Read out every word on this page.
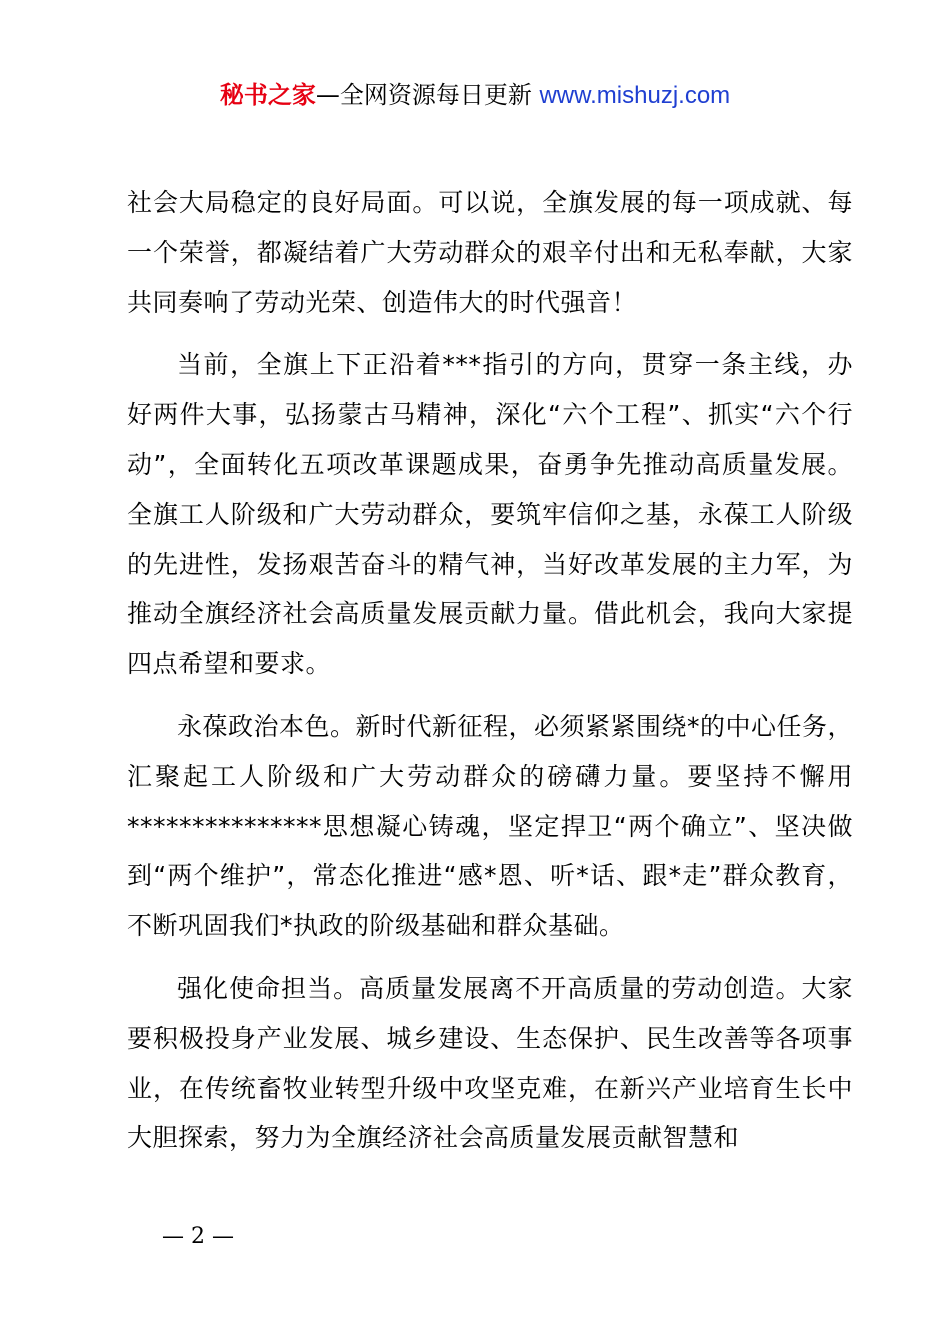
秘书之家—全网资源每日更新 www.mishuzj.com

社会大局稳定的良好局面。可以说，全旗发展的每一项成就、每一个荣誉，都凝结着广大劳动群众的艰辛付出和无私奉献，大家共同奏响了劳动光荣、创造伟大的时代强音！

当前，全旗上下正沿着***指引的方向，贯穿一条主线，办好两件大事，弘扬蒙古马精神，深化“六个工程”、抓实“六个行动”，全面转化五项改革课题成果，奋勇争先推动高质量发展。全旗工人阶级和广大劳动群众，要筑牢信仰之基，永葆工人阶级的先进性，发扬艰苦奋斗的精气神，当好改革发展的主力军，为推动全旗经济社会高质量发展贡献力量。借此机会，我向大家提四点希望和要求。

永葆政治本色。新时代新征程，必须紧紧围绕*的中心任务，汇聚起工人阶级和广大劳动群众的磅礴力量。要坚持不懈用***************思想凝心铸魂，坚定捍卫“两个确立”、坚决做到“两个维护”，常态化推进“感*恩、听*话、跟*走”群众教育，不断巩固我们*执政的阶级基础和群众基础。

强化使命担当。高质量发展离不开高质量的劳动创造。大家要积极投身产业发展、城乡建设、生态保护、民生改善等各项事业，在传统畜牧业转型升级中攻坚克难，在新兴产业培育生长中大胆探索，努力为全旗经济社会高质量发展贡献智慧和

— 2 —
